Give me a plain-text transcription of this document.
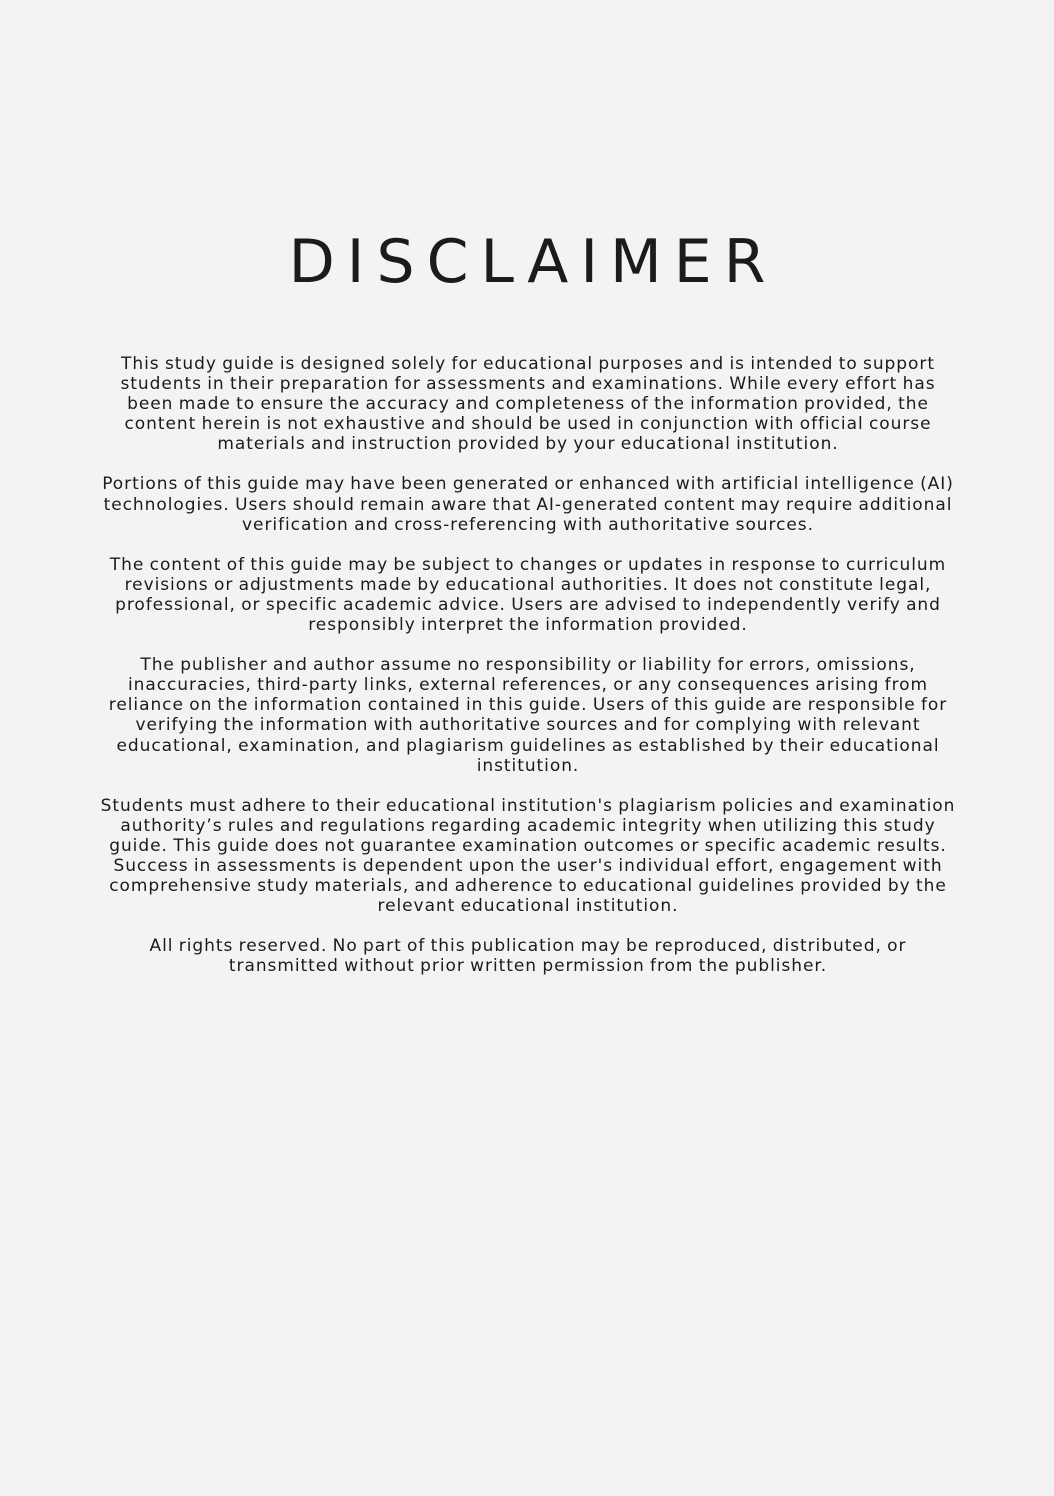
DISCLAIMER

This study guide is designed solely for educational purposes and is intended to support students in their preparation for assessments and examinations. While every effort has been made to ensure the accuracy and completeness of the information provided, the content herein is not exhaustive and should be used in conjunction with official course materials and instruction provided by your educational institution.

Portions of this guide may have been generated or enhanced with artificial intelligence (AI) technologies. Users should remain aware that AI-generated content may require additional verification and cross-referencing with authoritative sources.

The content of this guide may be subject to changes or updates in response to curriculum revisions or adjustments made by educational authorities. It does not constitute legal, professional, or specific academic advice. Users are advised to independently verify and responsibly interpret the information provided.

The publisher and author assume no responsibility or liability for errors, omissions, inaccuracies, third-party links, external references, or any consequences arising from reliance on the information contained in this guide. Users of this guide are responsible for verifying the information with authoritative sources and for complying with relevant educational, examination, and plagiarism guidelines as established by their educational institution.

Students must adhere to their educational institution's plagiarism policies and examination authority’s rules and regulations regarding academic integrity when utilizing this study guide. This guide does not guarantee examination outcomes or specific academic results. Success in assessments is dependent upon the user's individual effort, engagement with comprehensive study materials, and adherence to educational guidelines provided by the relevant educational institution.

All rights reserved. No part of this publication may be reproduced, distributed, or transmitted without prior written permission from the publisher.
